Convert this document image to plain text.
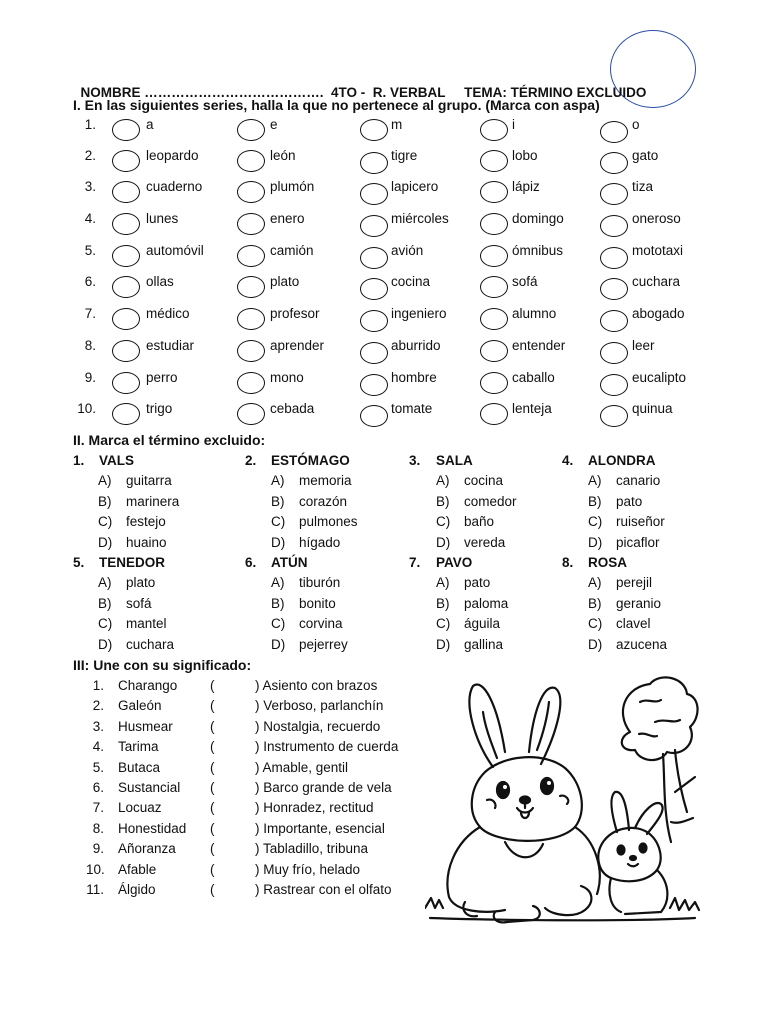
NOMBRE …………………………………. 4TO -  R. VERBAL TEMA: TÉRMINO EXCLUIDO

I. En las siguientes series, halla la que no pertenece al grupo. (Marca con aspa)
1.	a	e	m	i	o
2.	leopardo	león	tigre	lobo	gato
3.	cuaderno	plumón	lapicero	lápiz	tiza
4.	lunes	enero	miércoles	domingo	oneroso
5.	automóvil	camión	avión	ómnibus	mototaxi
6.	ollas	plato	cocina	sofá	cuchara
7.	médico	profesor	ingeniero	alumno	abogado
8.	estudiar	aprender	aburrido	entender	leer
9.	perro	mono	hombre	caballo	eucalipto
10.	trigo	cebada	tomate	lenteja	quinua
II. Marca el término excluido:
1. VALS
A) guitarra
B) marinera
C) festejo
D) huaino
2. ESTÓMAGO
A) memoria
B) corazón
C) pulmones
D) hígado
3. SALA
A) cocina
B) comedor
C) baño
D) vereda
4. ALONDRA
A) canario
B) pato
C) ruiseñor
D) picaflor
5. TENEDOR
A) plato
B) sofá
C) mantel
D) cuchara
6. ATÚN
A) tiburón
B) bonito
C) corvina
D) pejerrey
7. PAVO
A) pato
B) paloma
C) águila
D) gallina
8. ROSA
A) perejil
B) geranio
C) clavel
D) azucena
III: Une con su significado:
1. Charango (	) Asiento con brazos
2. Galeón	(	) Verboso, parlanchín
3. Husmear	(	) Nostalgia, recuerdo
4. Tarima	(	) Instrumento de cuerda
5. Butaca	(	) Amable, gentil
6. Sustancial (	) Barco grande de vela
7. Locuaz	(	) Honradez, rectitud
8. Honestidad (	) Importante, esencial
9. Añoranza	(	) Tabladillo, tribuna
10. Afable	(	) Muy frío, helado
11. Álgido	(	) Rastrear con el olfato
